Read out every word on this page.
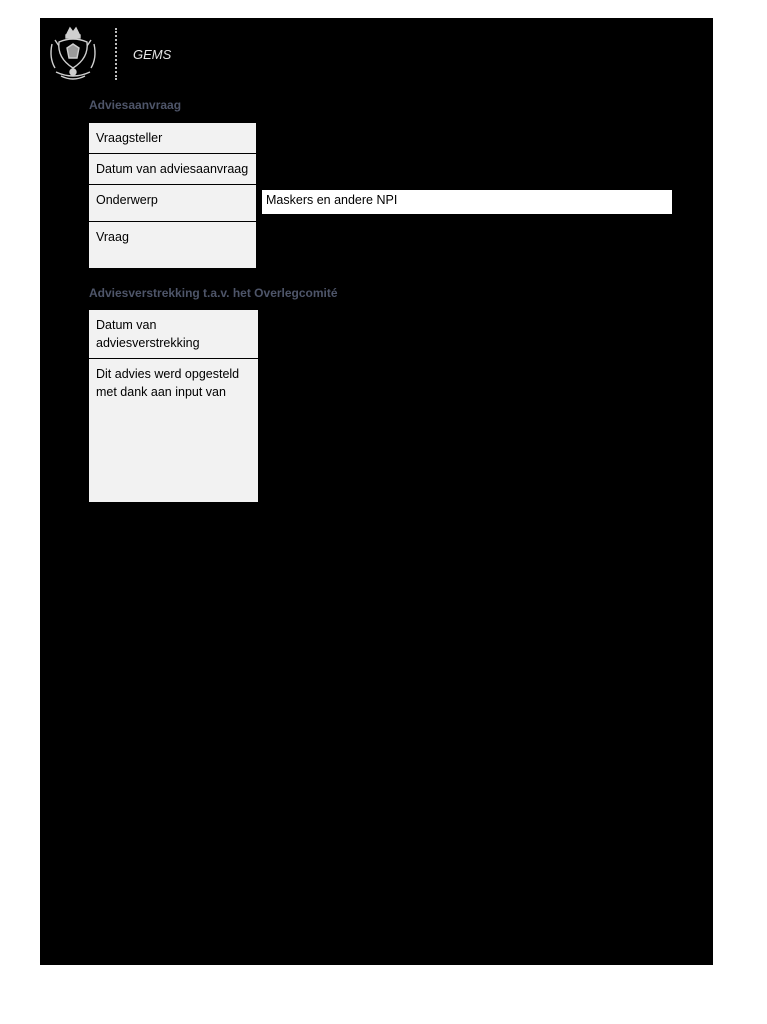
GEMS
Adviesaanvraag
Vraagsteller
Datum van adviesaanvraag
Onderwerp	Maskers en andere NPI
Vraag
Adviesverstrekking t.a.v. het Overlegcomité
Datum van adviesverstrekking
Dit advies werd opgesteld met dank aan input van
